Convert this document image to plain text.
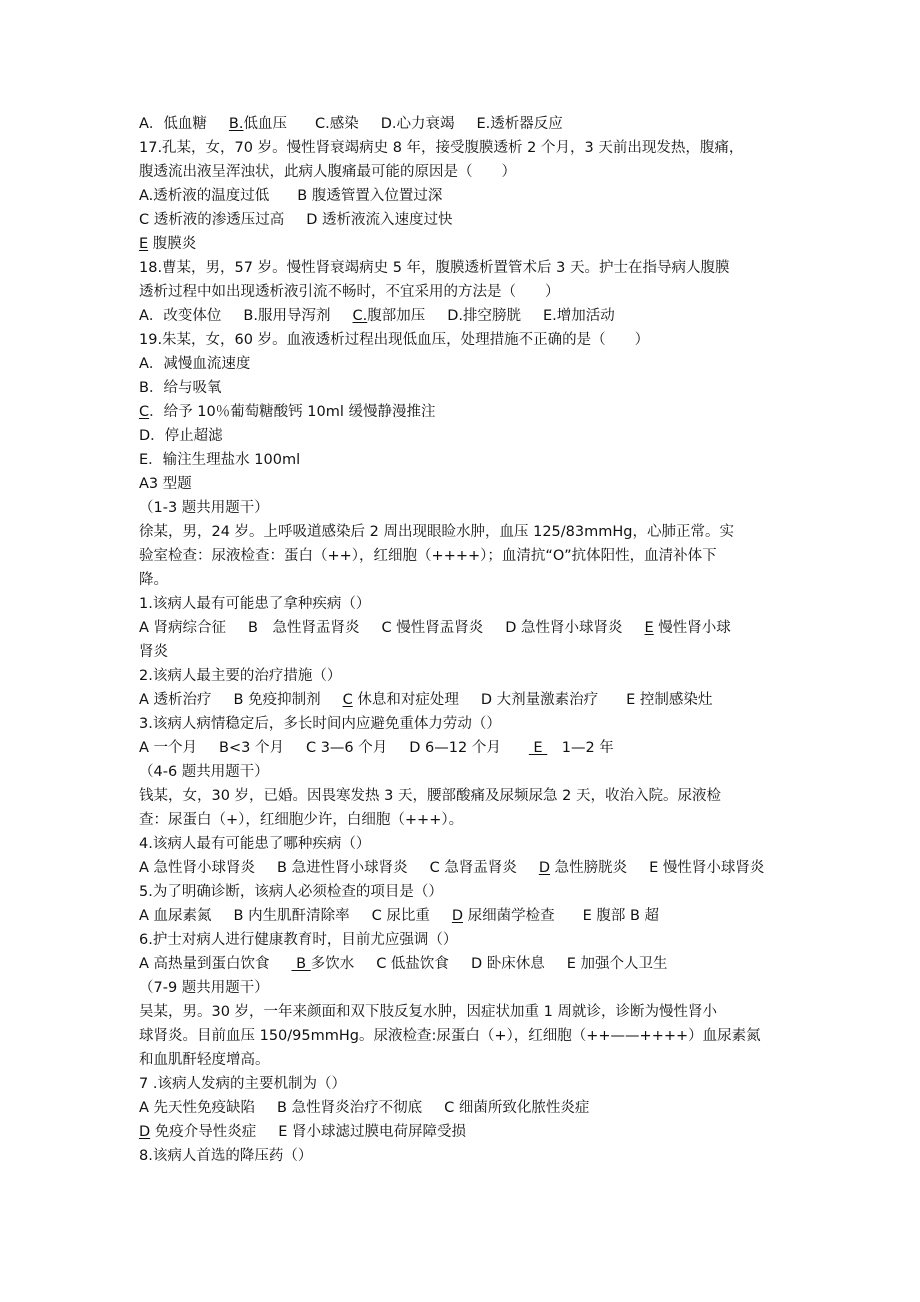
A．低血糖 B.低血压 C.感染 D.心力衰竭 E.透析器反应
17.孔某，女，70 岁。慢性肾衰竭病史 8 年，接受腹膜透析 2 个月，3 天前出现发热，腹痛，
腹透流出液呈浑浊状，此病人腹痛最可能的原因是（　　）
A.透析液的温度过低 B 腹透管置入位置过深
C 透析液的渗透压过高 D 透析液流入速度过快
E 腹膜炎
18.曹某，男，57 岁。慢性肾衰竭病史 5 年，腹膜透析置管术后 3 天。护士在指导病人腹膜
透析过程中如出现透析液引流不畅时，不宜采用的方法是（　　）
A．改变体位 B.服用导泻剂 C.腹部加压 D.排空膀胱 E.增加活动
19.朱某，女，60 岁。血液透析过程出现低血压，处理措施不正确的是（　　）
A．减慢血流速度
B．给与吸氧
C．给予 10％葡萄糖酸钙 10ml 缓慢静漫推注
D．停止超滤
E．输注生理盐水 100ml
A3 型题
（1-3 题共用题干）
徐某，男，24 岁。上呼吸道感染后 2 周出现眼睑水肿，血压 125/83mmHg，心肺正常。实
验室检查：尿液检查：蛋白（++），红细胞（++++）；血清抗“O”抗体阳性，血清补体下
降。
1.该病人最有可能患了拿种疾病（）
A 肾病综合征 B　急性肾盂肾炎 C 慢性肾盂肾炎 D 急性肾小球肾炎 E 慢性肾小球
肾炎
2.该病人最主要的治疗措施（）
A 透析治疗 B 免疫抑制剂 C 休息和对症处理 D 大剂量激素治疗 E 控制感染灶
3.该病人病情稳定后，多长时间内应避免重体力劳动（）
A 一个月 B<3 个月 C 3—6 个月 D 6—12 个月 E 　1—2 年
（4-6 题共用题干）
钱某，女，30 岁，已婚。因畏寒发热 3 天，腰部酸痛及尿频尿急 2 天，收治入院。尿液检
查：尿蛋白（+），红细胞少许，白细胞（+++）。
4.该病人最有可能患了哪种疾病（）
A 急性肾小球肾炎 B 急进性肾小球肾炎 C 急肾盂肾炎 D 急性膀胱炎 E 慢性肾小球肾炎
5.为了明确诊断，该病人必须检查的项目是（）
A 血尿素氮 B 内生肌酐清除率 C 尿比重 D 尿细菌学检查 E 腹部 B 超
6.护士对病人进行健康教育时，目前尤应强调（）
A 高热量到蛋白饮食 B 多饮水 C 低盐饮食 D 卧床休息 E 加强个人卫生
（7-9 题共用题干）
吴某，男。30 岁，一年来颜面和双下肢反复水肿，因症状加重 1 周就诊，诊断为慢性肾小
球肾炎。目前血压 150/95mmHg。尿液检查:尿蛋白（+），红细胞（++——++++）血尿素氮
和血肌酐轻度增高。
7 .该病人发病的主要机制为（）
A 先天性免疫缺陷 B 急性肾炎治疗不彻底 C 细菌所致化脓性炎症
D 免疫介导性炎症 E 肾小球滤过膜电荷屏障受损
8.该病人首选的降压药（）
